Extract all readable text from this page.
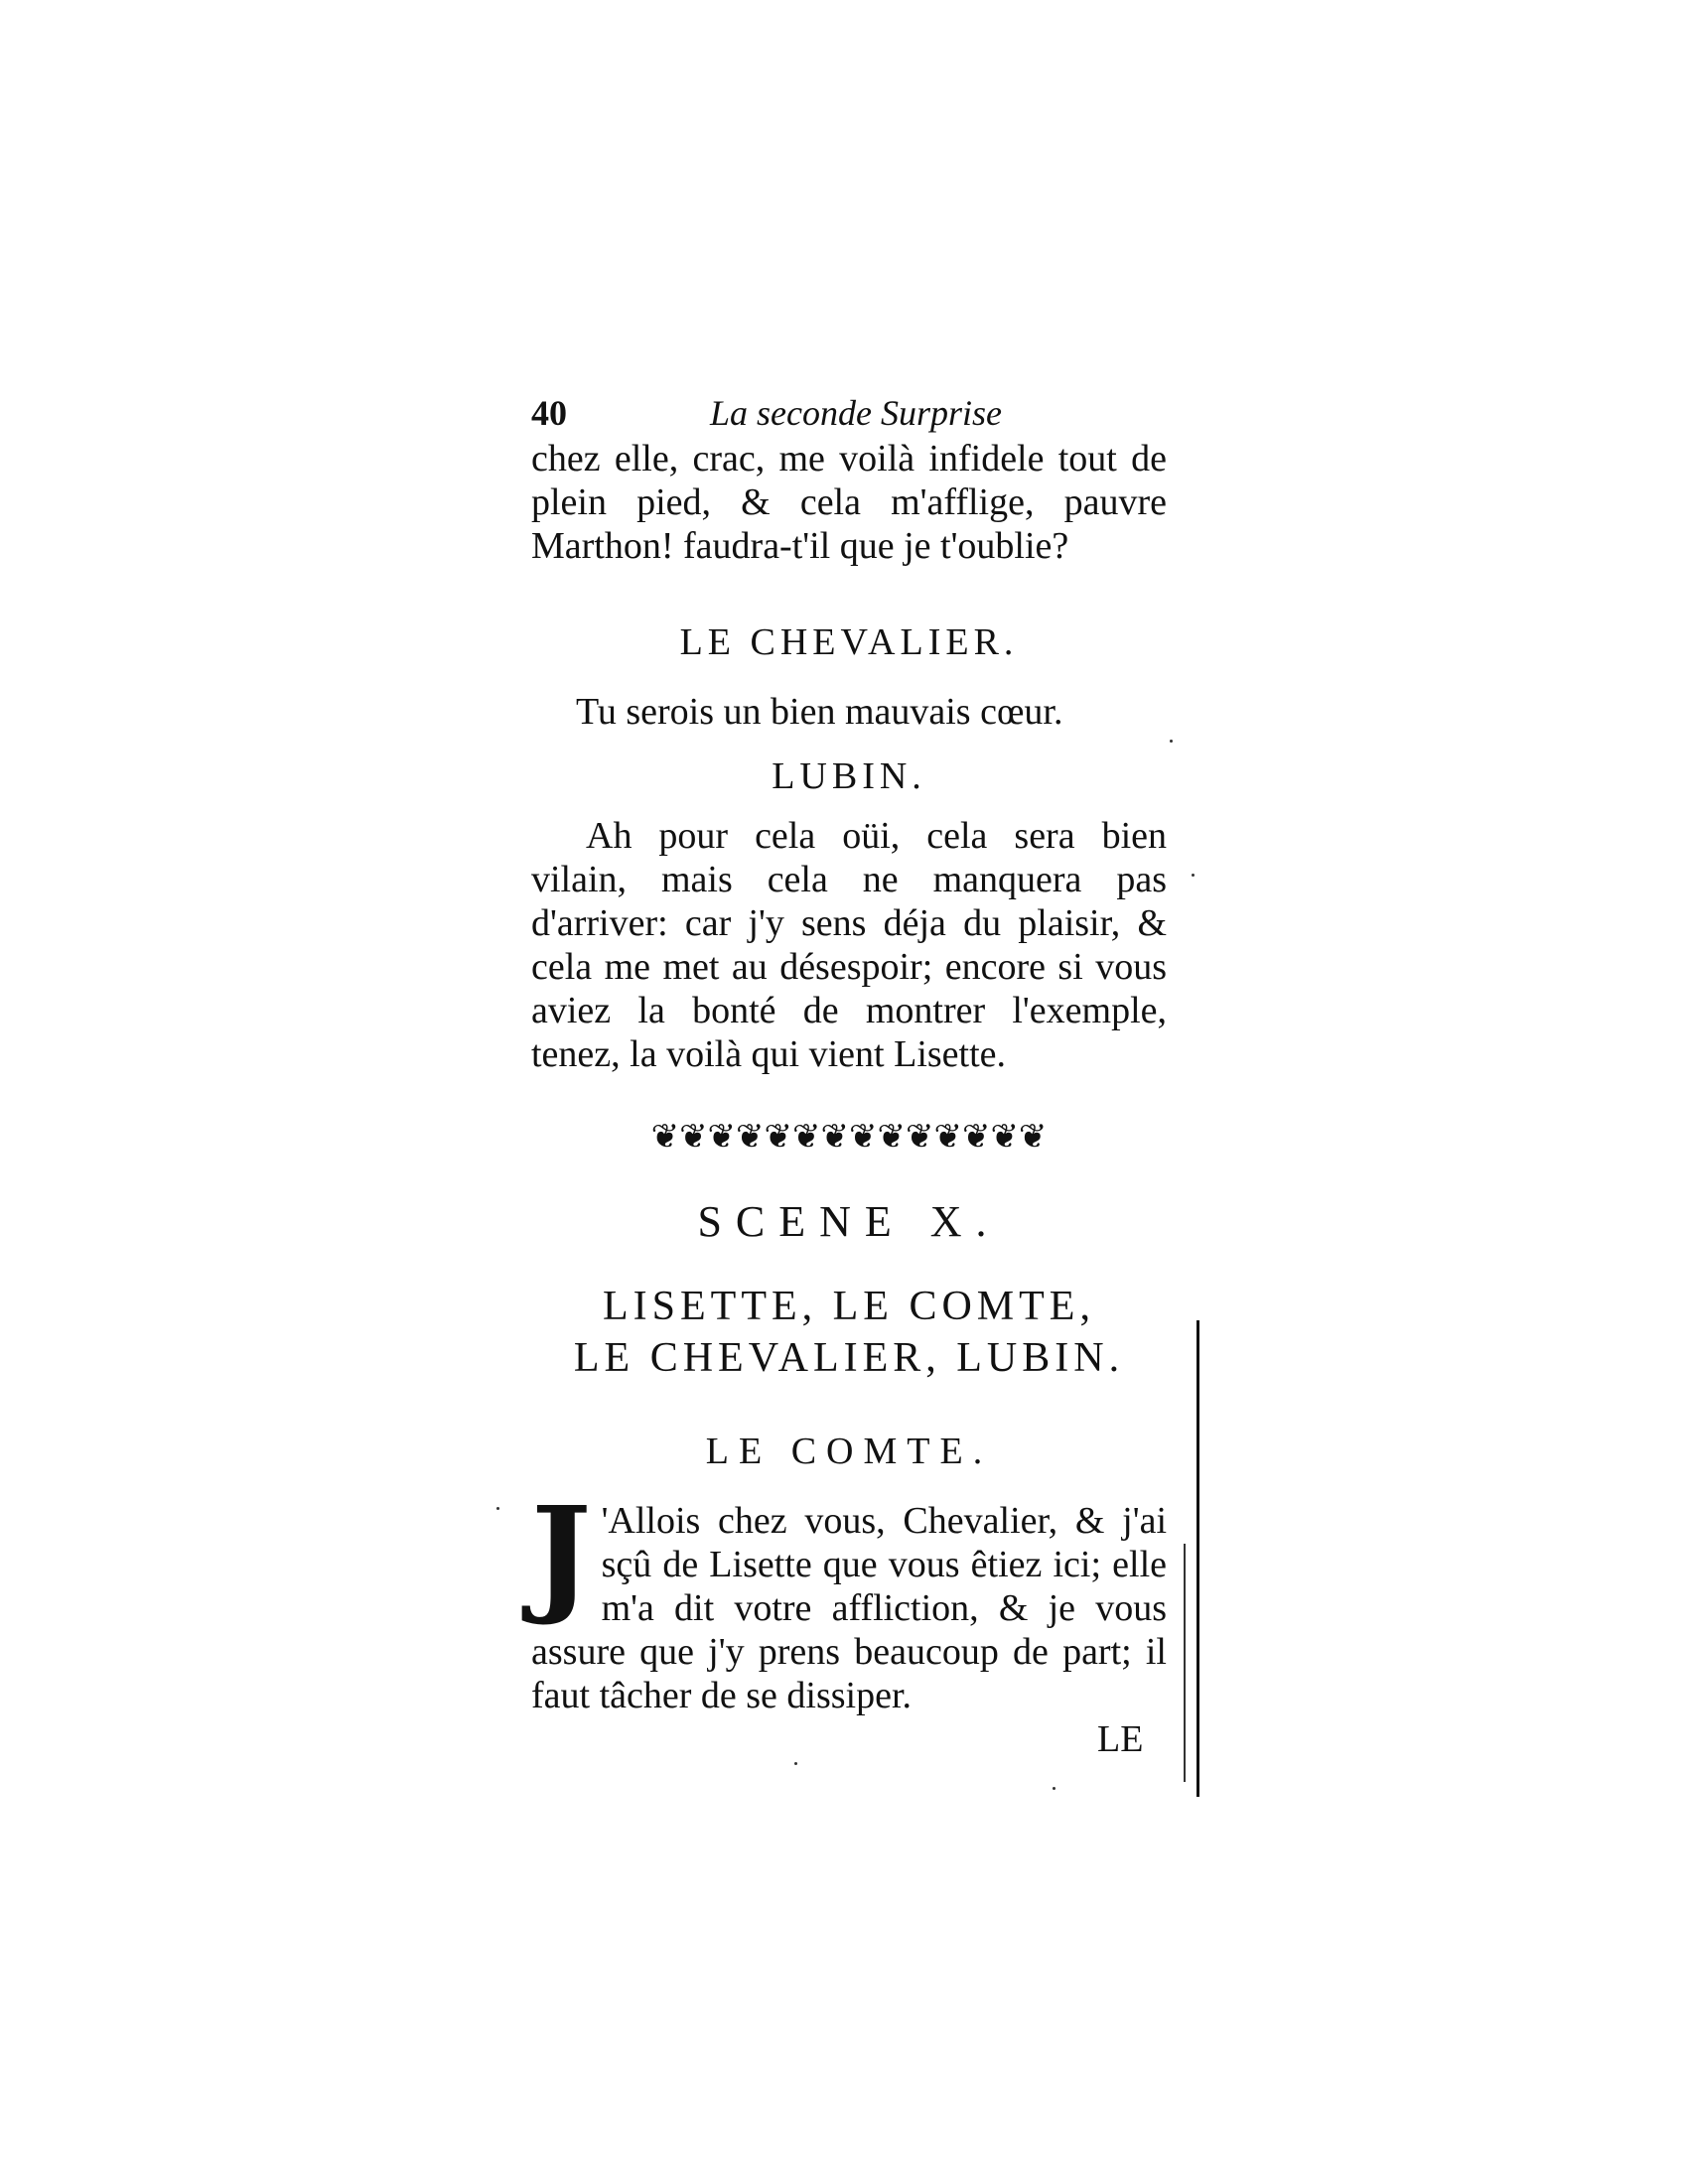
40	La seconde Surprise

chez elle, crac, me voilà infidele tout de plein pied, & cela m'afflige, pauvre Marthon! faudra-t'il que je t'oublie?

LE CHEVALIER.

Tu serois un bien mauvais cœur.

LUBIN.

Ah pour cela oüi, cela sera bien vilain, mais cela ne manquera pas d'arriver: car j'y sens déja du plaisir, & cela me met au désespoir; encore si vous aviez la bonté de montrer l'exemple, tenez, la voilà qui vient Lisette.

❦❦❦❦❦❦❦❦❦❦❦❦❦❦
SCENE X.
LISETTE, LE COMTE,
LE CHEVALIER, LUBIN.
LE COMTE.
J 'Allois chez vous, Chevalier, & j'ai sçû de Lisette que vous êtiez ici; elle m'a dit votre affliction, & je vous assure que j'y prens beaucoup de part; il faut tâcher de se dissiper.

LE
